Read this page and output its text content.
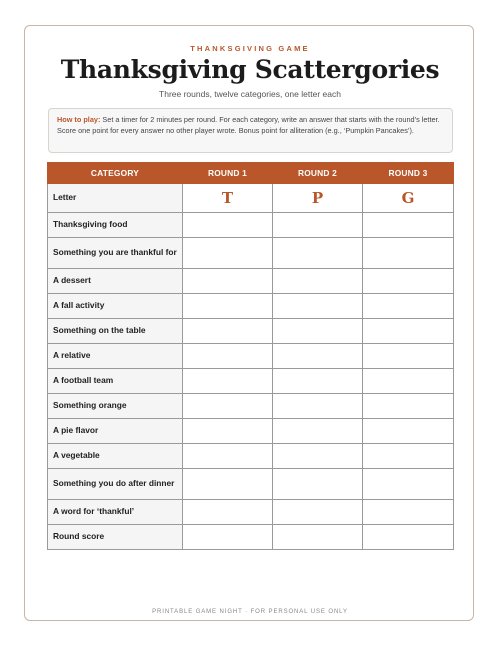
THANKSGIVING GAME
Thanksgiving Scattergories
Three rounds, twelve categories, one letter each
How to play: Set a timer for 2 minutes per round. For each category, write an answer that starts with the round’s letter. Score one point for every answer no other player wrote. Bonus point for alliteration (e.g., ‘Pumpkin Pancakes’).
CATEGORY	ROUND 1	ROUND 2	ROUND 3
Letter	T	P	G
Thanksgiving food			
Something you are thankful for			
A dessert			
A fall activity			
Something on the table			
A relative			
A football team			
Something orange			
A pie flavor			
A vegetable			
Something you do after dinner			
A word for ‘thankful’			
Round score			
PRINTABLE GAME NIGHT · FOR PERSONAL USE ONLY
